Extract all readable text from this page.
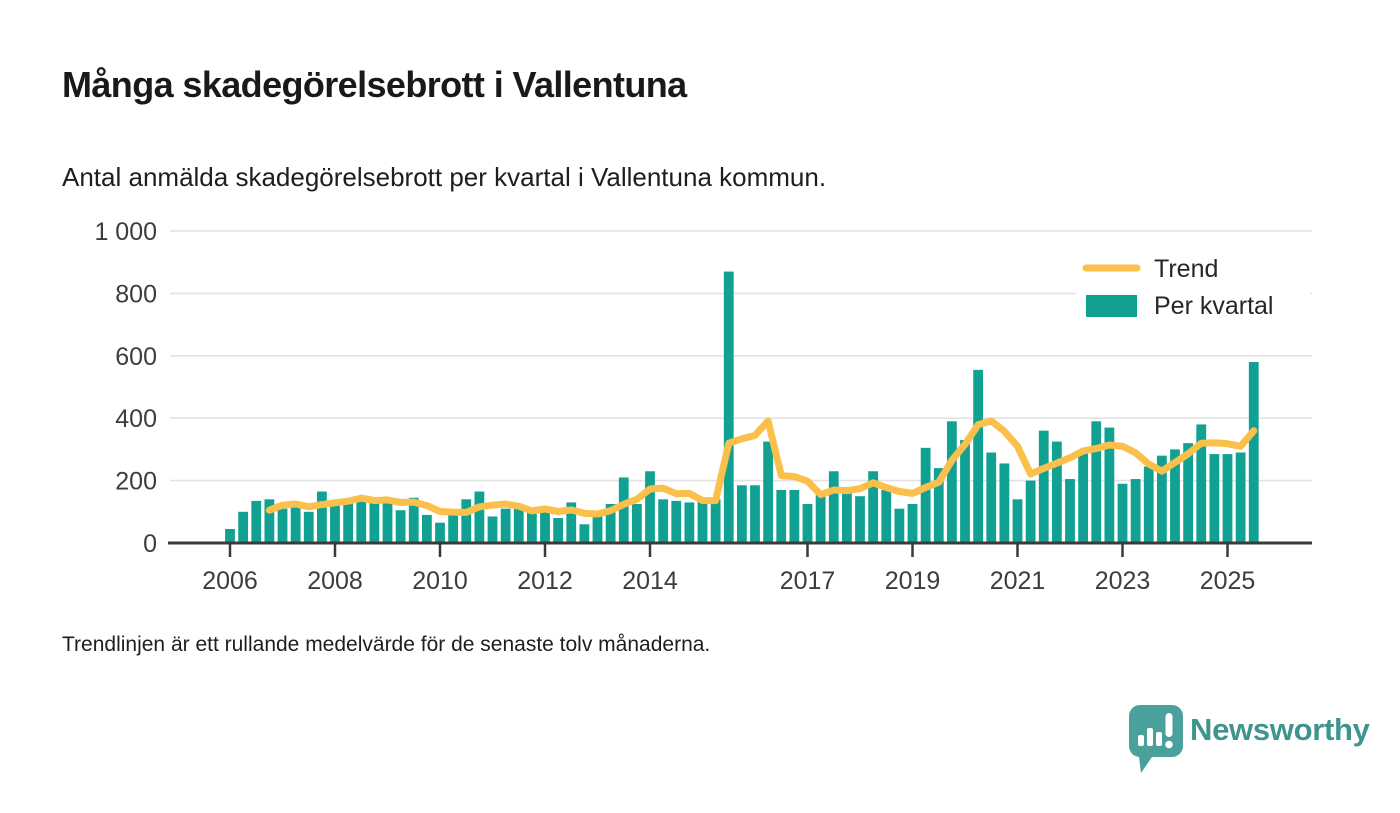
2006 2008 2010 2012 2014	2017 2019 2021 2023 2025
0
200
400
600
800
1 000
Trend
Per kvartal
Många skadegörelsebrott i Vallentuna

Antal anmälda skadegörelsebrott per kvartal i Vallentuna kommun.

Trendlinjen är ett rullande medelvärde för de senaste tolv månaderna.

Newsworthy
